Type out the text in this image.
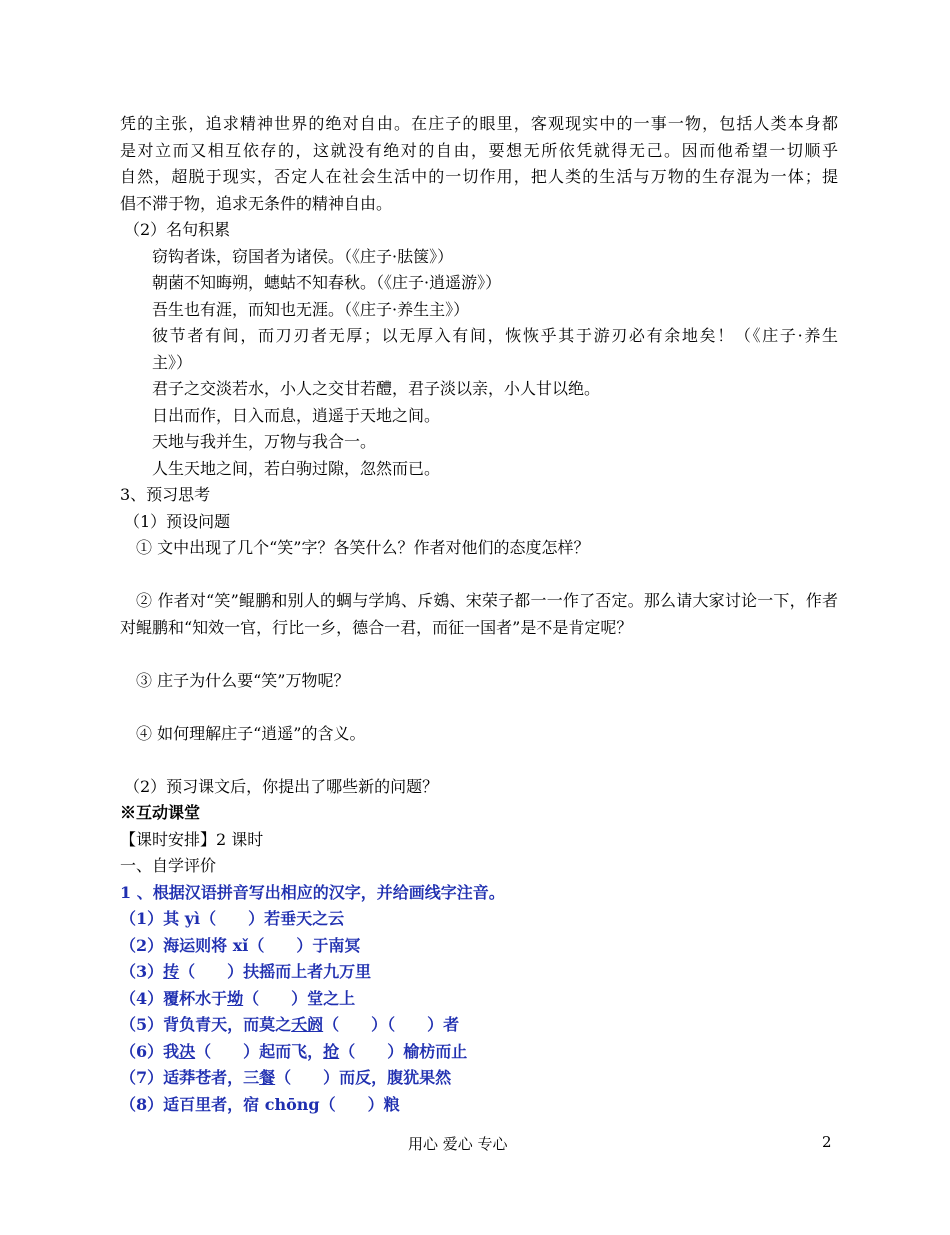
凭的主张，追求精神世界的绝对自由。在庄子的眼里，客观现实中的一事一物，包括人类本身都
是对立而又相互依存的，这就没有绝对的自由，要想无所依凭就得无己。因而他希望一切顺乎
自然，超脱于现实，否定人在社会生活中的一切作用，把人类的生活与万物的生存混为一体；提
倡不滞于物，追求无条件的精神自由。
（2）名句积累
窃钩者诛，窃国者为诸侯。（《庄子·胠箧》）
朝菌不知晦朔，蟪蛄不知春秋。（《庄子·逍遥游》）
吾生也有涯，而知也无涯。（《庄子·养生主》）
彼节者有间，而刀刃者无厚；以无厚入有间，恢恢乎其于游刃必有余地矣！（《庄子·养生
主》）
君子之交淡若水，小人之交甘若醴，君子淡以亲，小人甘以绝。
日出而作，日入而息，逍遥于天地之间。
天地与我并生，万物与我合一。
人生天地之间，若白驹过隙，忽然而已。
3、预习思考
（1）预设问题
① 文中出现了几个“笑”字？各笑什么？作者对他们的态度怎样？
② 作者对“笑”鲲鹏和别人的蜩与学鸠、斥鴳、宋荣子都一一作了否定。那么请大家讨论一下，作者对鲲鹏和“知效一官，行比一乡，德合一君，而征一国者”是不是肯定呢？
③ 庄子为什么要“笑”万物呢？
④ 如何理解庄子“逍遥”的含义。
（2）预习课文后，你提出了哪些新的问题？
※互动课堂
【课时安排】2 课时
一、自学评价
1 、根据汉语拼音写出相应的汉字，并给画线字注音。
（1）其 yì（　　）若垂天之云
（2）海运则将 xǐ（　　）于南冥
（3）抟（　　）扶摇而上者九万里
（4）覆杯水于坳（　　）堂之上
（5）背负青天，而莫之夭阏（　　）（　　）者
（6）我决（　　）起而飞，抢（　　）榆枋而止
（7）适莽苍者，三餐（　　）而反，腹犹果然
（8）适百里者，宿 chōng（　　）粮
用心 爱心 专心	2
